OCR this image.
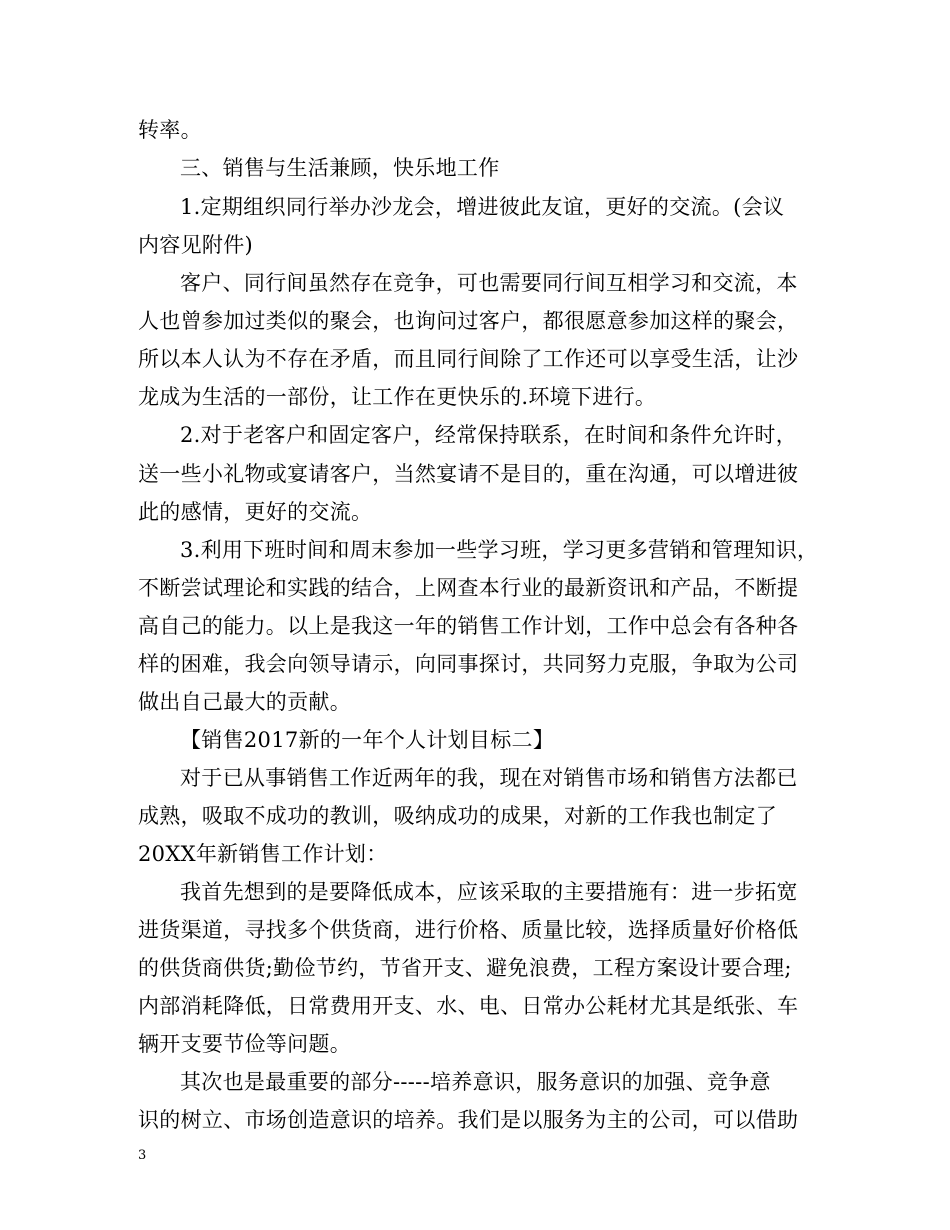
转率。
三、销售与生活兼顾，快乐地工作
1.定期组织同行举办沙龙会，增进彼此友谊，更好的交流。(会议
内容见附件)
客户、同行间虽然存在竞争，可也需要同行间互相学习和交流，本
人也曾参加过类似的聚会，也询问过客户，都很愿意参加这样的聚会，
所以本人认为不存在矛盾，而且同行间除了工作还可以享受生活，让沙
龙成为生活的一部份，让工作在更快乐的.环境下进行。
2.对于老客户和固定客户，经常保持联系，在时间和条件允许时，
送一些小礼物或宴请客户，当然宴请不是目的，重在沟通，可以增进彼
此的感情，更好的交流。
3.利用下班时间和周末参加一些学习班，学习更多营销和管理知识，
不断尝试理论和实践的结合，上网查本行业的最新资讯和产品，不断提
高自己的能力。以上是我这一年的销售工作计划，工作中总会有各种各
样的困难，我会向领导请示，向同事探讨，共同努力克服，争取为公司
做出自己最大的贡献。
【销售2017新的一年个人计划目标二】
对于已从事销售工作近两年的我，现在对销售市场和销售方法都已
成熟，吸取不成功的教训，吸纳成功的成果，对新的工作我也制定了
20XX年新销售工作计划：
我首先想到的是要降低成本，应该采取的主要措施有：进一步拓宽
进货渠道，寻找多个供货商，进行价格、质量比较，选择质量好价格低
的供货商供货;勤俭节约，节省开支、避免浪费，工程方案设计要合理;
内部消耗降低，日常费用开支、水、电、日常办公耗材尤其是纸张、车
辆开支要节俭等问题。
其次也是最重要的部分-----培养意识，服务意识的加强、竞争意
识的树立、市场创造意识的培养。我们是以服务为主的公司，可以借助
3
